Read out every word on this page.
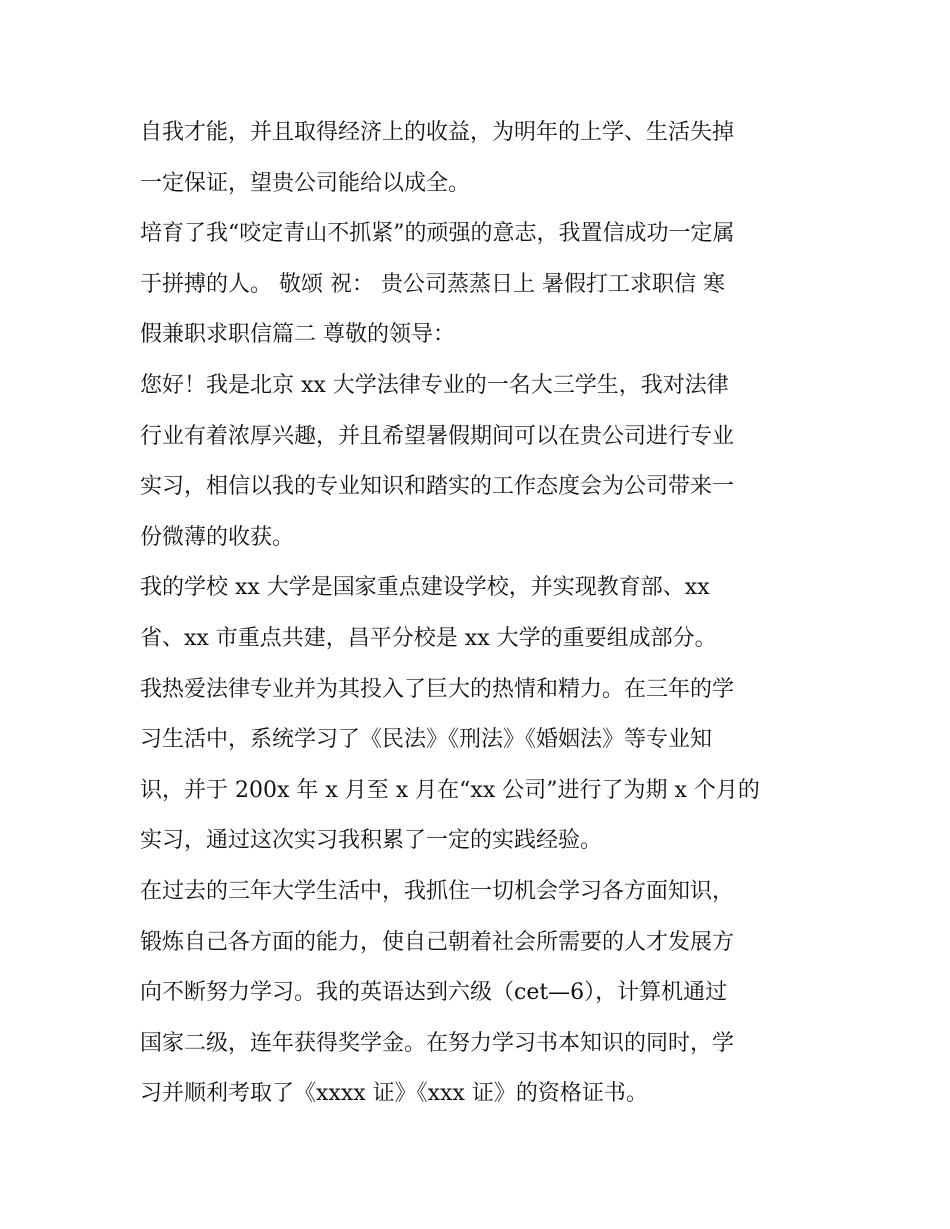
自我才能，并且取得经济上的收益，为明年的上学、生活失掉
一定保证，望贵公司能给以成全。
培育了我“咬定青山不抓紧”的顽强的意志，我置信成功一定属
于拼搏的人。 敬颂 祝： 贵公司蒸蒸日上 暑假打工求职信 寒
假兼职求职信篇二 尊敬的领导：
您好！我是北京 xx 大学法律专业的一名大三学生，我对法律
行业有着浓厚兴趣，并且希望暑假期间可以在贵公司进行专业
实习，相信以我的专业知识和踏实的工作态度会为公司带来一
份微薄的收获。
我的学校 xx 大学是国家重点建设学校，并实现教育部、xx
省、xx 市重点共建，昌平分校是 xx 大学的重要组成部分。
我热爱法律专业并为其投入了巨大的热情和精力。在三年的学
习生活中，系统学习了《民法》《刑法》《婚姻法》等专业知
识，并于 200x 年 x 月至 x 月在“xx 公司”进行了为期 x 个月的
实习，通过这次实习我积累了一定的实践经验。
在过去的三年大学生活中，我抓住一切机会学习各方面知识，
锻炼自己各方面的能力，使自己朝着社会所需要的人才发展方
向不断努力学习。我的英语达到六级（cet—6），计算机通过
国家二级，连年获得奖学金。在努力学习书本知识的同时，学
习并顺利考取了《xxxx 证》《xxx 证》的资格证书。
